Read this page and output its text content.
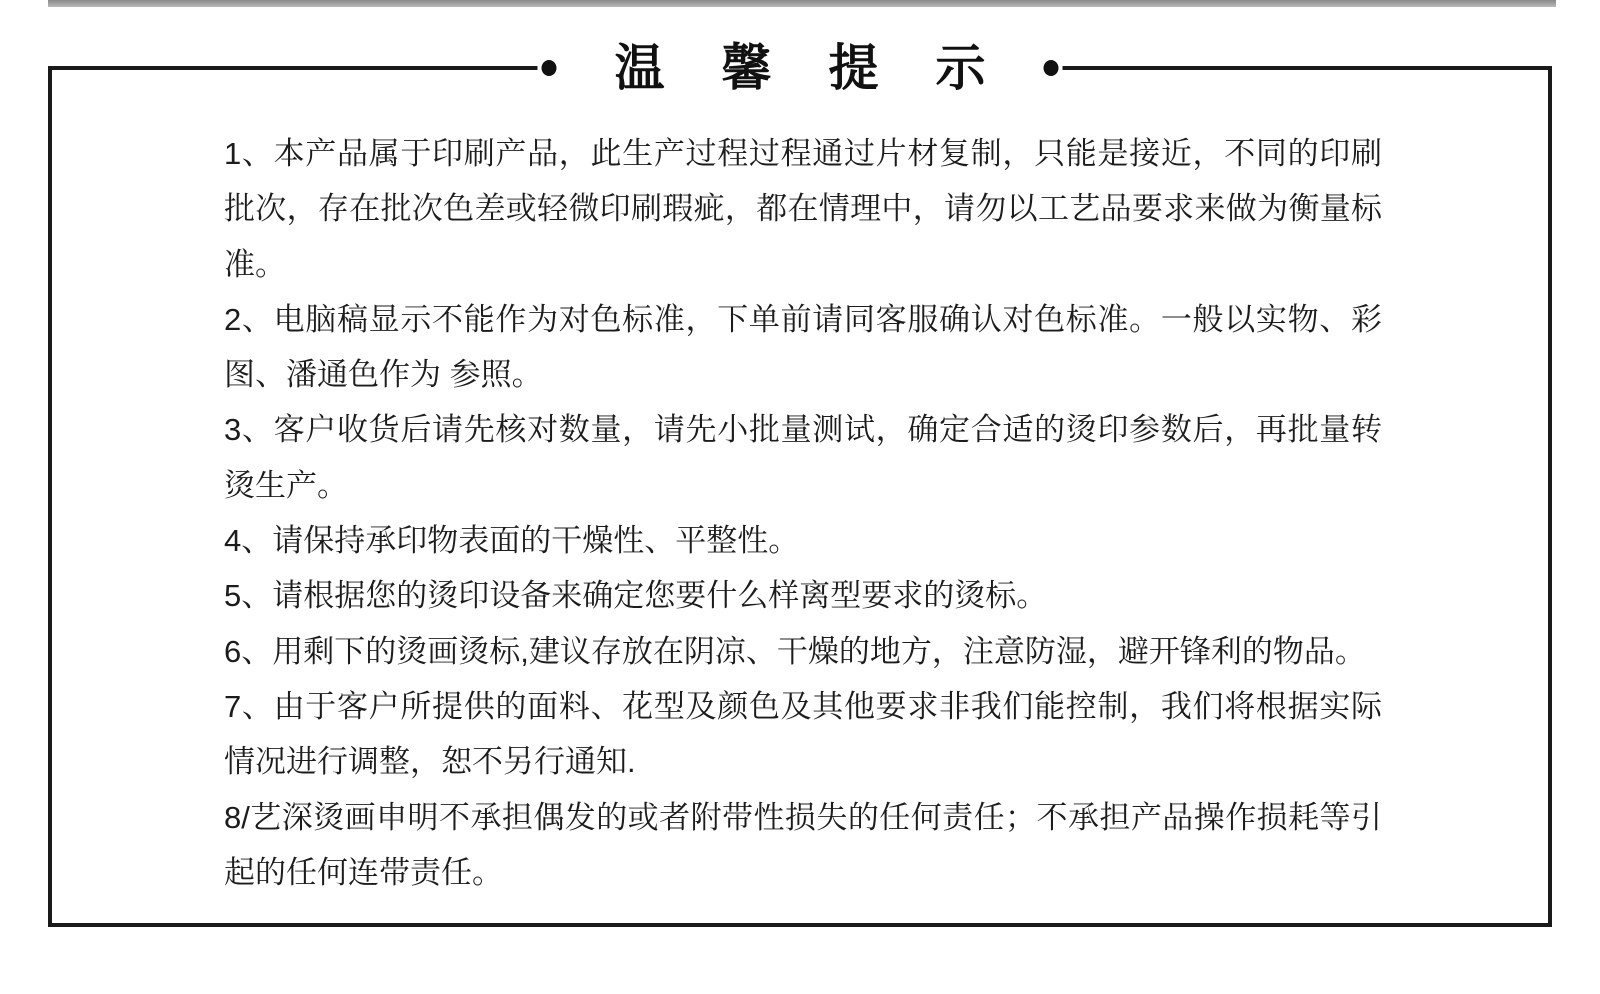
温馨提示

1、本产品属于印刷产品，此生产过程过程通过片材复制，只能是接近，不同的印刷批次，存在批次色差或轻微印刷瑕疵，都在情理中，请勿以工艺品要求来做为衡量标准。

2、电脑稿显示不能作为对色标准，下单前请同客服确认对色标准。一般以实物、彩图、潘通色作为 参照。

3、客户收货后请先核对数量，请先小批量测试，确定合适的烫印参数后，再批量转烫生产。

4、请保持承印物表面的干燥性、平整性。

5、请根据您的烫印设备来确定您要什么样离型要求的烫标。

6、用剩下的烫画烫标,建议存放在阴凉、干燥的地方，注意防湿，避开锋利的物品。

7、由于客户所提供的面料、花型及颜色及其他要求非我们能控制，我们将根据实际情况进行调整，恕不另行通知.

8/艺深烫画申明不承担偶发的或者附带性损失的任何责任；不承担产品操作损耗等引起的任何连带责任。
